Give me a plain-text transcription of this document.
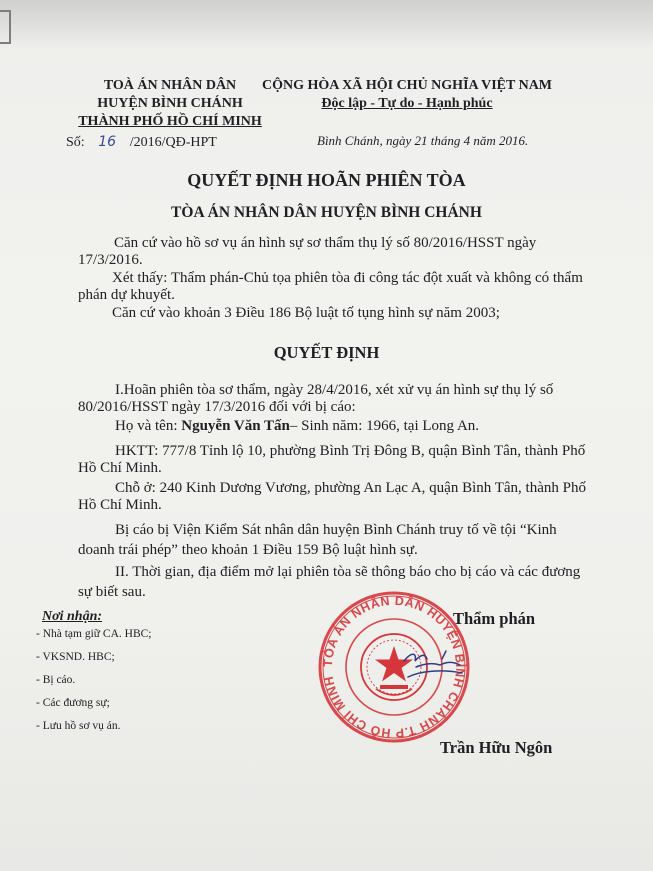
TOÀ ÁN NHÂN DÂN
HUYỆN BÌNH CHÁNH
THÀNH PHỐ HỒ CHÍ MINH
Số: 16 /2016/QĐ-HPT
CỘNG HÒA XÃ HỘI CHỦ NGHĨA VIỆT NAM
Độc lập - Tự do - Hạnh phúc
Bình Chánh, ngày 21 tháng 4 năm 2016.
QUYẾT ĐỊNH HOÃN PHIÊN TÒA
TÒA ÁN NHÂN DÂN HUYỆN BÌNH CHÁNH
Căn cứ vào hồ sơ vụ án hình sự sơ thẩm thụ lý số 80/2016/HSST ngày
17/3/2016.
Xét thấy: Thẩm phán-Chủ tọa phiên tòa đi công tác đột xuất và không có thẩm
phán dự khuyết.
Căn cứ vào khoản 3 Điều 186 Bộ luật tố tụng hình sự năm 2003;
QUYẾT ĐỊNH
I.Hoãn phiên tòa sơ thẩm, ngày 28/4/2016, xét xử vụ án hình sự thụ lý số
80/2016/HSST ngày 17/3/2016 đối với bị cáo:
Họ và tên: Nguyễn Văn Tấn– Sinh năm: 1966, tại Long An.
HKTT: 777/8 Tỉnh lộ 10, phường Bình Trị Đông B, quận Bình Tân, thành Phố
Hồ Chí Minh.
Chỗ ở: 240 Kinh Dương Vương, phường An Lạc A, quận Bình Tân, thành Phố
Hồ Chí Minh.
Bị cáo bị Viện Kiểm Sát nhân dân huyện Bình Chánh truy tố về tội “Kinh
doanh trái phép” theo khoản 1 Điều 159 Bộ luật hình sự.
II. Thời gian, địa điểm mở lại phiên tòa sẽ thông báo cho bị cáo và các đương
sự biết sau.
Nơi nhận:
- Nhà tạm giữ CA. HBC;
- VKSND. HBC;
- Bị cáo.
- Các đương sự;
- Lưu hồ sơ vụ án.
TÒA ÁN NHÂN DÂN HUYỆN BÌNH CHÁNH T.P HỒ CHÍ MINH
Thẩm phán
Trần Hữu Ngôn
